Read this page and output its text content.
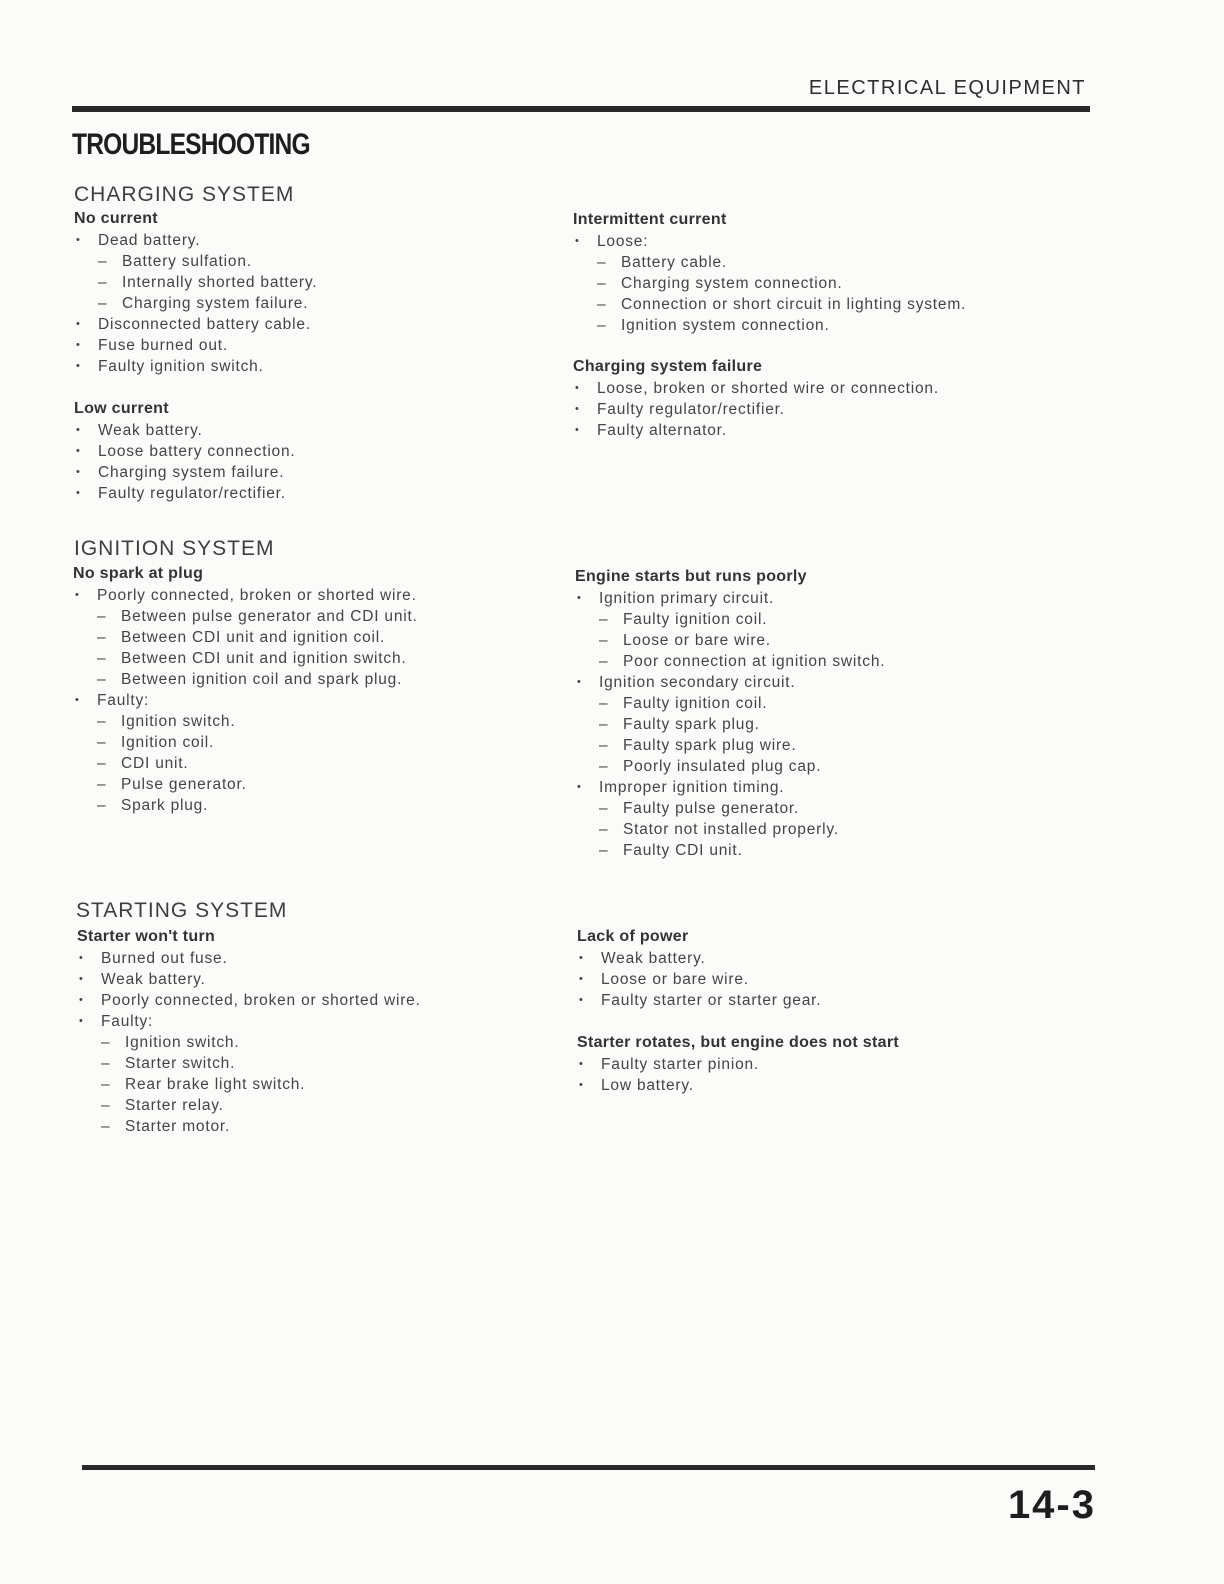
ELECTRICAL EQUIPMENT
TROUBLESHOOTING
CHARGING SYSTEM
No current
• Dead battery.
– Battery sulfation.
– Internally shorted battery.
– Charging system failure.
• Disconnected battery cable.
• Fuse burned out.
• Faulty ignition switch.
Low current
• Weak battery.
• Loose battery connection.
• Charging system failure.
• Faulty regulator/rectifier.
Intermittent current
• Loose:
– Battery cable.
– Charging system connection.
– Connection or short circuit in lighting system.
– Ignition system connection.
Charging system failure
• Loose, broken or shorted wire or connection.
• Faulty regulator/rectifier.
• Faulty alternator.
IGNITION SYSTEM
No spark at plug
• Poorly connected, broken or shorted wire.
– Between pulse generator and CDI unit.
– Between CDI unit and ignition coil.
– Between CDI unit and ignition switch.
– Between ignition coil and spark plug.
• Faulty:
– Ignition switch.
– Ignition coil.
– CDI unit.
– Pulse generator.
– Spark plug.
Engine starts but runs poorly
• Ignition primary circuit.
– Faulty ignition coil.
– Loose or bare wire.
– Poor connection at ignition switch.
• Ignition secondary circuit.
– Faulty ignition coil.
– Faulty spark plug.
– Faulty spark plug wire.
– Poorly insulated plug cap.
• Improper ignition timing.
– Faulty pulse generator.
– Stator not installed properly.
– Faulty CDI unit.
STARTING SYSTEM
Starter won't turn
• Burned out fuse.
• Weak battery.
• Poorly connected, broken or shorted wire.
• Faulty:
– Ignition switch.
– Starter switch.
– Rear brake light switch.
– Starter relay.
– Starter motor.
Lack of power
• Weak battery.
• Loose or bare wire.
• Faulty starter or starter gear.
Starter rotates, but engine does not start
• Faulty starter pinion.
• Low battery.
14-3
